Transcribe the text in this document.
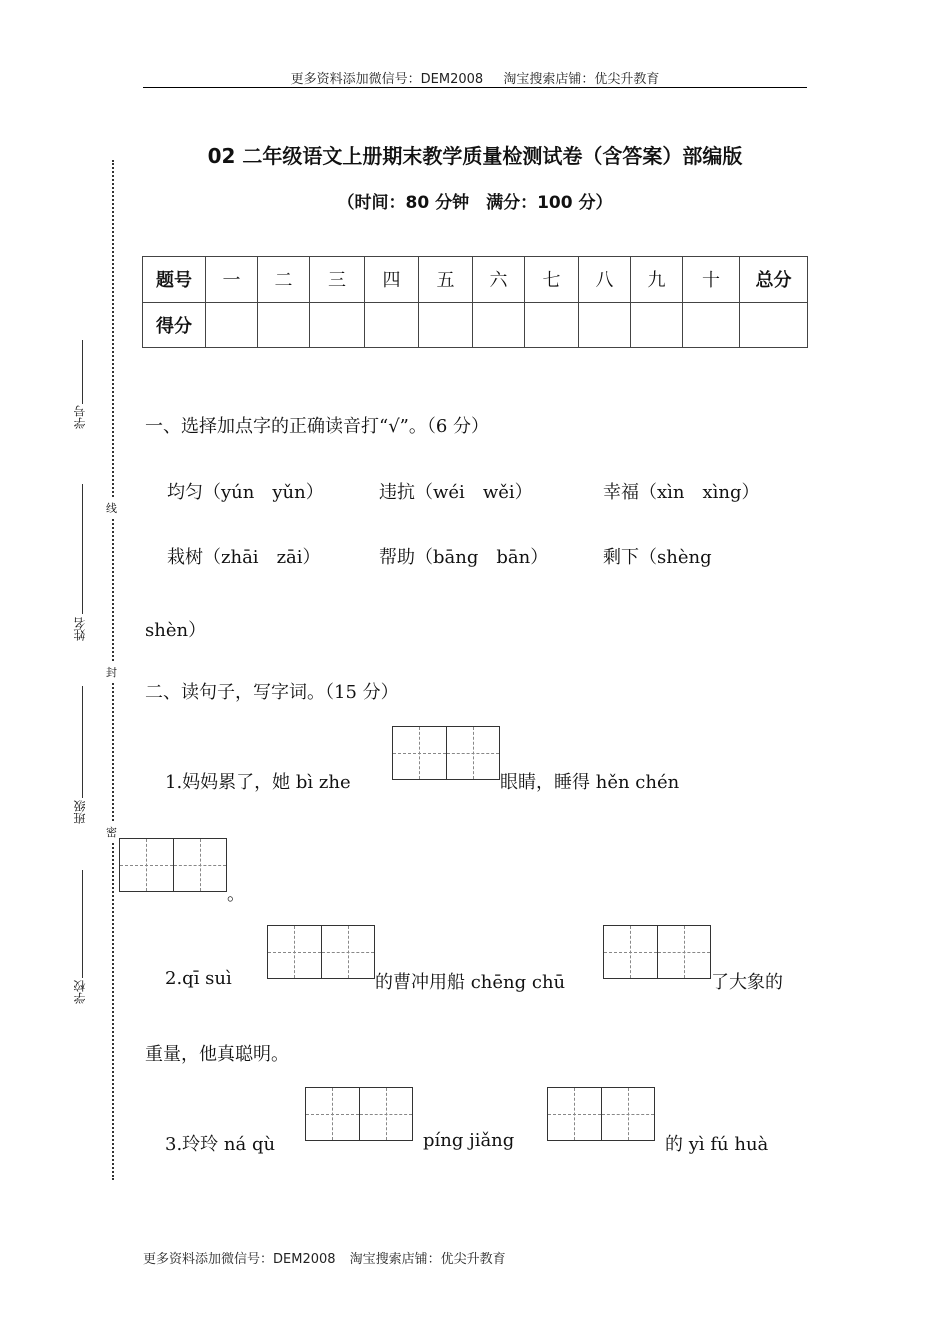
更多资料添加微信号：DEM2008 淘宝搜索店铺：优尖升教育
02 二年级语文上册期末教学质量检测试卷（含答案）部编版
（时间：80 分钟　满分：100 分）
题号	一	二	三	四	五	六	七	八	九	十	总分
得分											
线
封
密
学号
姓名
班级
学校
一、选择加点字的正确读音打“√”。（6 分）
均匀（yún　yǔn）	违抗（wéi　wěi）	幸福（xìn　xìng）
栽树（zhāi　zāi）	帮助（bāng　bān）	剩下（shèng
shèn）
二、读句子，写字词。（15 分）
1.妈妈累了，她 bì zhe	眼睛，睡得 hěn chén
。
2.qī suì	的曹冲用船 chēng chū	了大象的
重量，他真聪明。
3.玲玲 ná qù	píng jiǎng	的 yì fú huà
更多资料添加微信号：DEM2008 淘宝搜索店铺：优尖升教育
